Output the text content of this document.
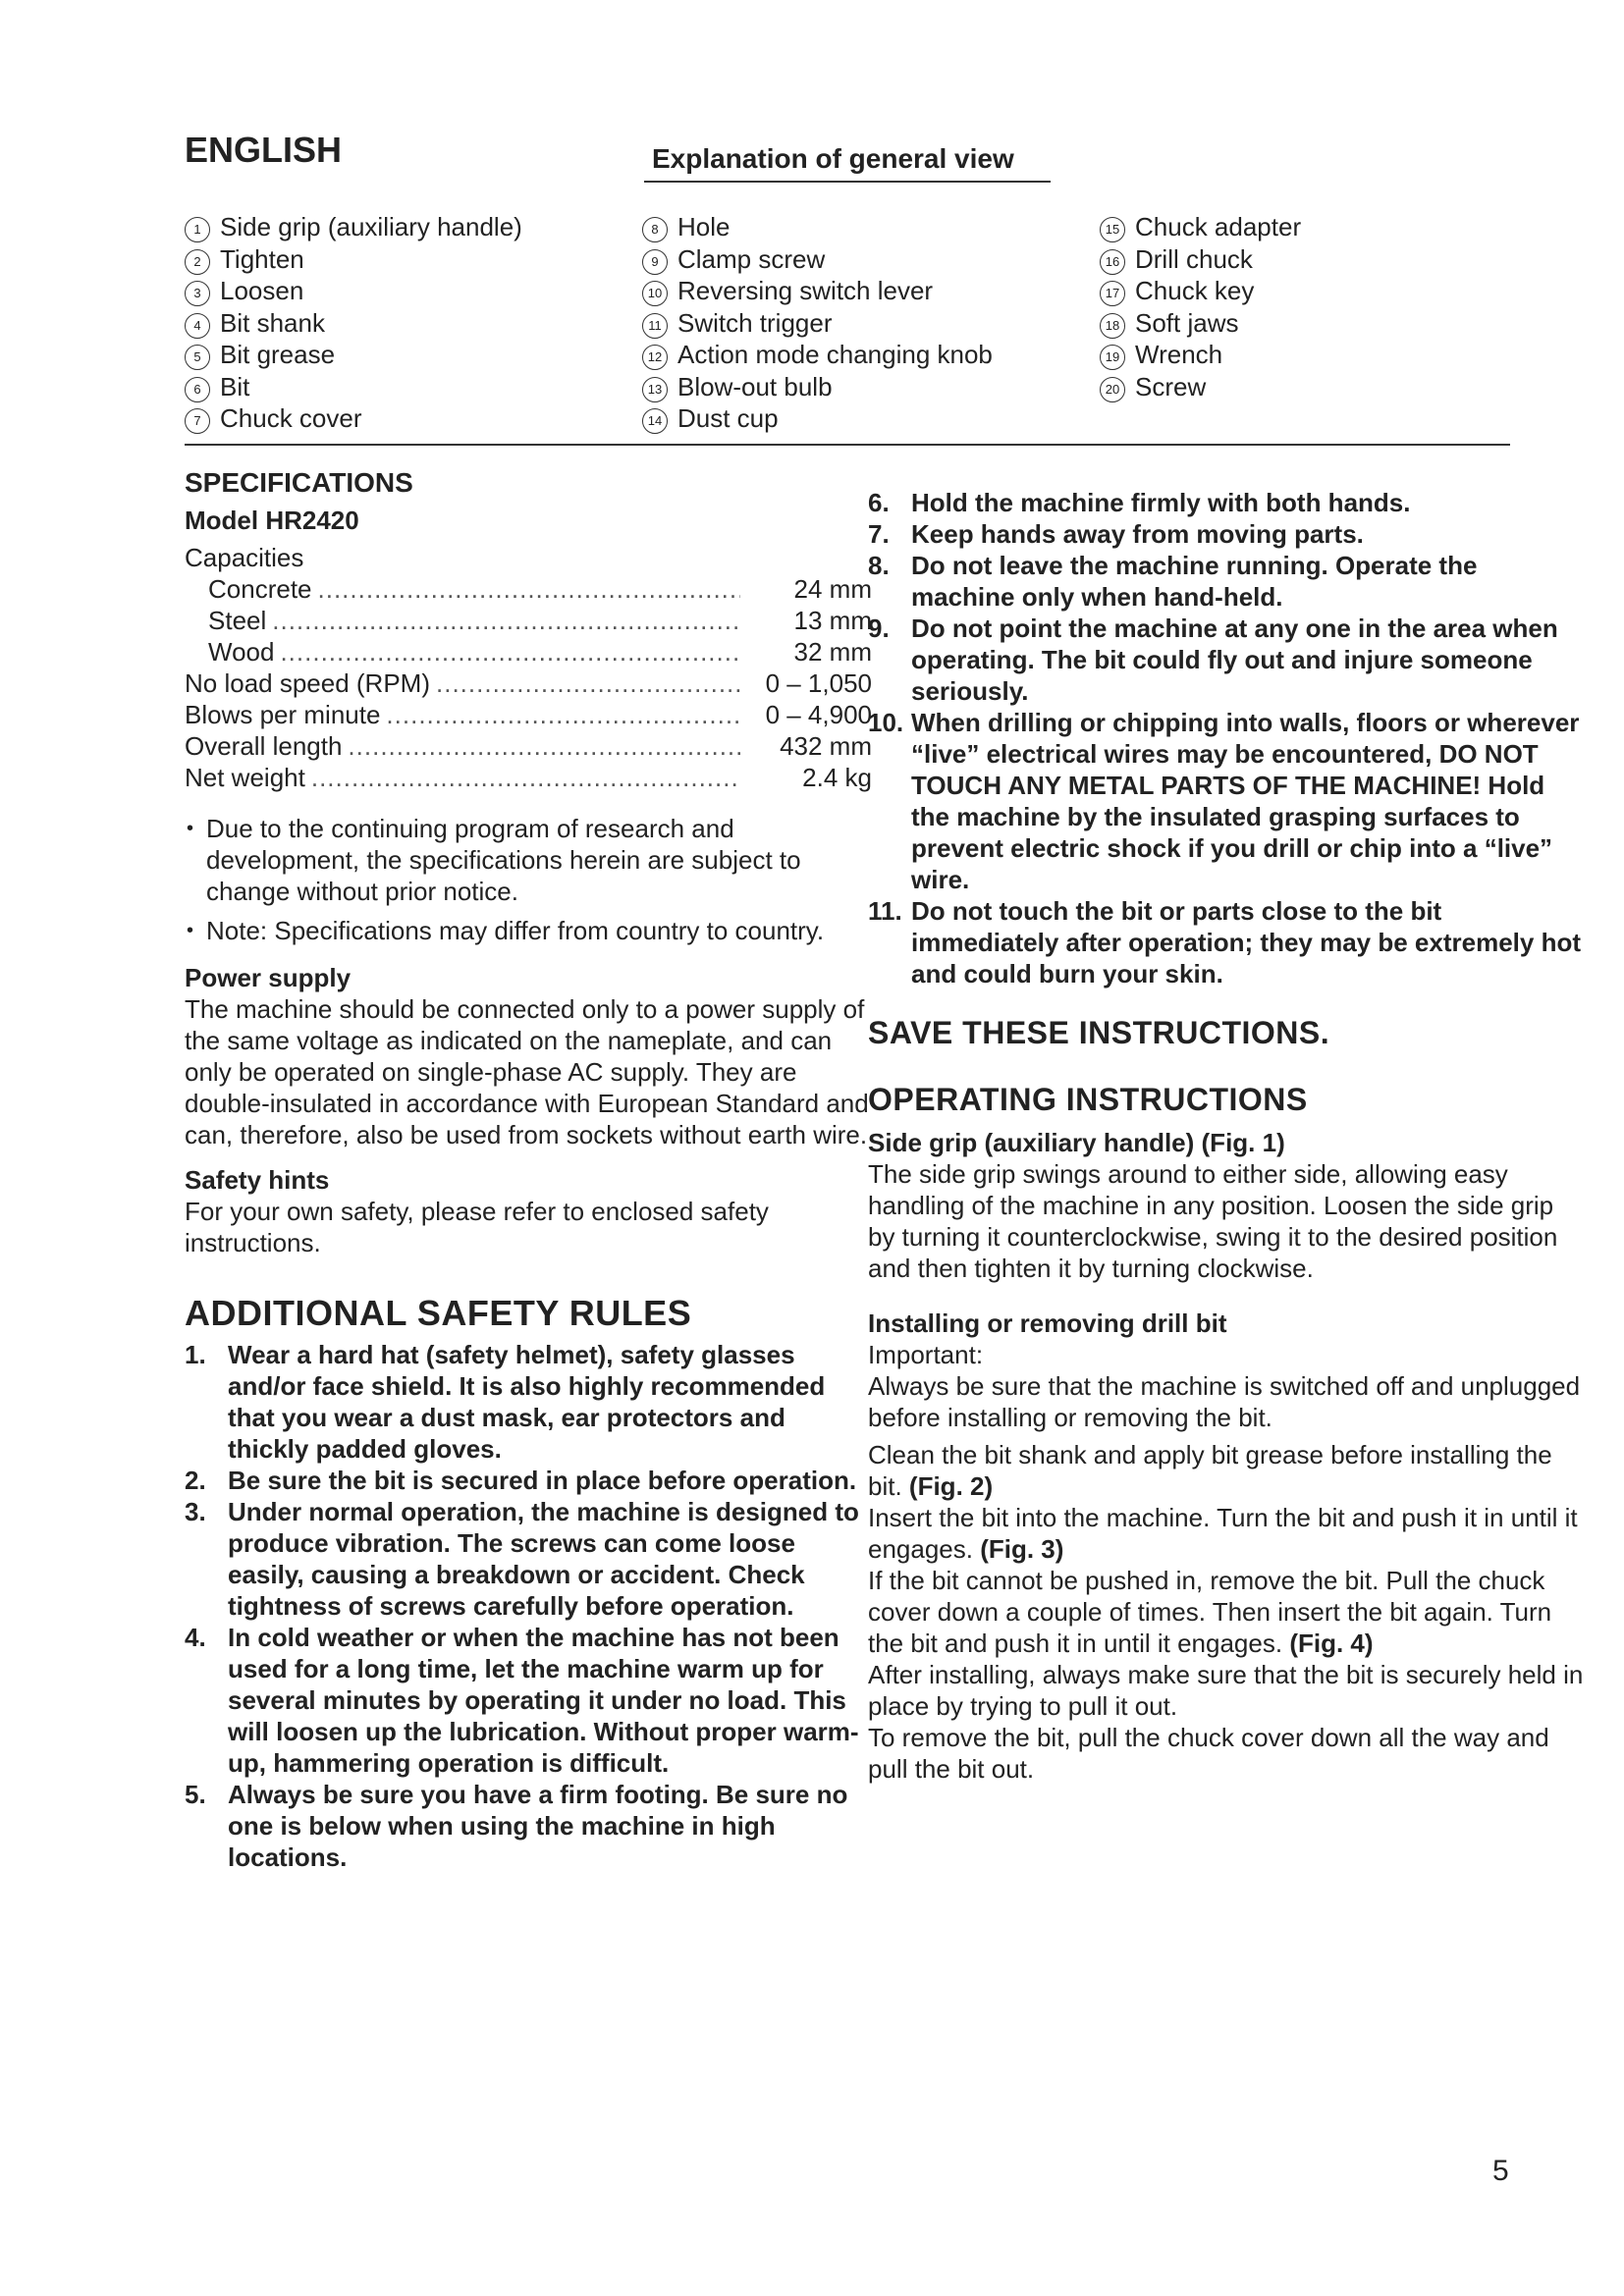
ENGLISH	Explanation of general view
1 Side grip (auxiliary handle)
2 Tighten
3 Loosen
4 Bit shank
5 Bit grease
6 Bit
7 Chuck cover
8 Hole
9 Clamp screw
10 Reversing switch lever
11 Switch trigger
12 Action mode changing knob
13 Blow-out bulb
14 Dust cup
15 Chuck adapter
16 Drill chuck
17 Chuck key
18 Soft jaws
19 Wrench
20 Screw
SPECIFICATIONS
Model HR2420
Capacities
Concrete .....	24 mm
Steel .....	13 mm
Wood .....	32 mm
No load speed (RPM) .....	0 – 1,050
Blows per minute .....	0 – 4,900
Overall length .....	432 mm
Net weight .....	2.4 kg
• Due to the continuing program of research and development, the specifications herein are subject to change without prior notice.
• Note: Specifications may differ from country to country.
Power supply
The machine should be connected only to a power supply of the same voltage as indicated on the nameplate, and can only be operated on single-phase AC supply. They are double-insulated in accordance with European Standard and can, therefore, also be used from sockets without earth wire.
Safety hints
For your own safety, please refer to enclosed safety instructions.
ADDITIONAL SAFETY RULES
1. Wear a hard hat (safety helmet), safety glasses and/or face shield. It is also highly recommended that you wear a dust mask, ear protectors and thickly padded gloves.
2. Be sure the bit is secured in place before operation.
3. Under normal operation, the machine is designed to produce vibration. The screws can come loose easily, causing a breakdown or accident. Check tightness of screws carefully before operation.
4. In cold weather or when the machine has not been used for a long time, let the machine warm up for several minutes by operating it under no load. This will loosen up the lubrication. Without proper warm-up, hammering operation is difficult.
5. Always be sure you have a firm footing. Be sure no one is below when using the machine in high locations.
6. Hold the machine firmly with both hands.
7. Keep hands away from moving parts.
8. Do not leave the machine running. Operate the machine only when hand-held.
9. Do not point the machine at any one in the area when operating. The bit could fly out and injure someone seriously.
10. When drilling or chipping into walls, floors or wherever “live” electrical wires may be encountered, DO NOT TOUCH ANY METAL PARTS OF THE MACHINE! Hold the machine by the insulated grasping surfaces to prevent electric shock if you drill or chip into a “live” wire.
11. Do not touch the bit or parts close to the bit immediately after operation; they may be extremely hot and could burn your skin.
SAVE THESE INSTRUCTIONS.
OPERATING INSTRUCTIONS

Side grip (auxiliary handle) (Fig. 1)

The side grip swings around to either side, allowing easy handling of the machine in any position. Loosen the side grip by turning it counterclockwise, swing it to the desired position and then tighten it by turning clockwise.

Installing or removing drill bit

Important:

Always be sure that the machine is switched off and unplugged before installing or removing the bit.

Clean the bit shank and apply bit grease before installing the bit. (Fig. 2)

Insert the bit into the machine. Turn the bit and push it in until it engages. (Fig. 3)

If the bit cannot be pushed in, remove the bit. Pull the chuck cover down a couple of times. Then insert the bit again. Turn the bit and push it in until it engages. (Fig. 4)

After installing, always make sure that the bit is securely held in place by trying to pull it out.

To remove the bit, pull the chuck cover down all the way and pull the bit out.

5
